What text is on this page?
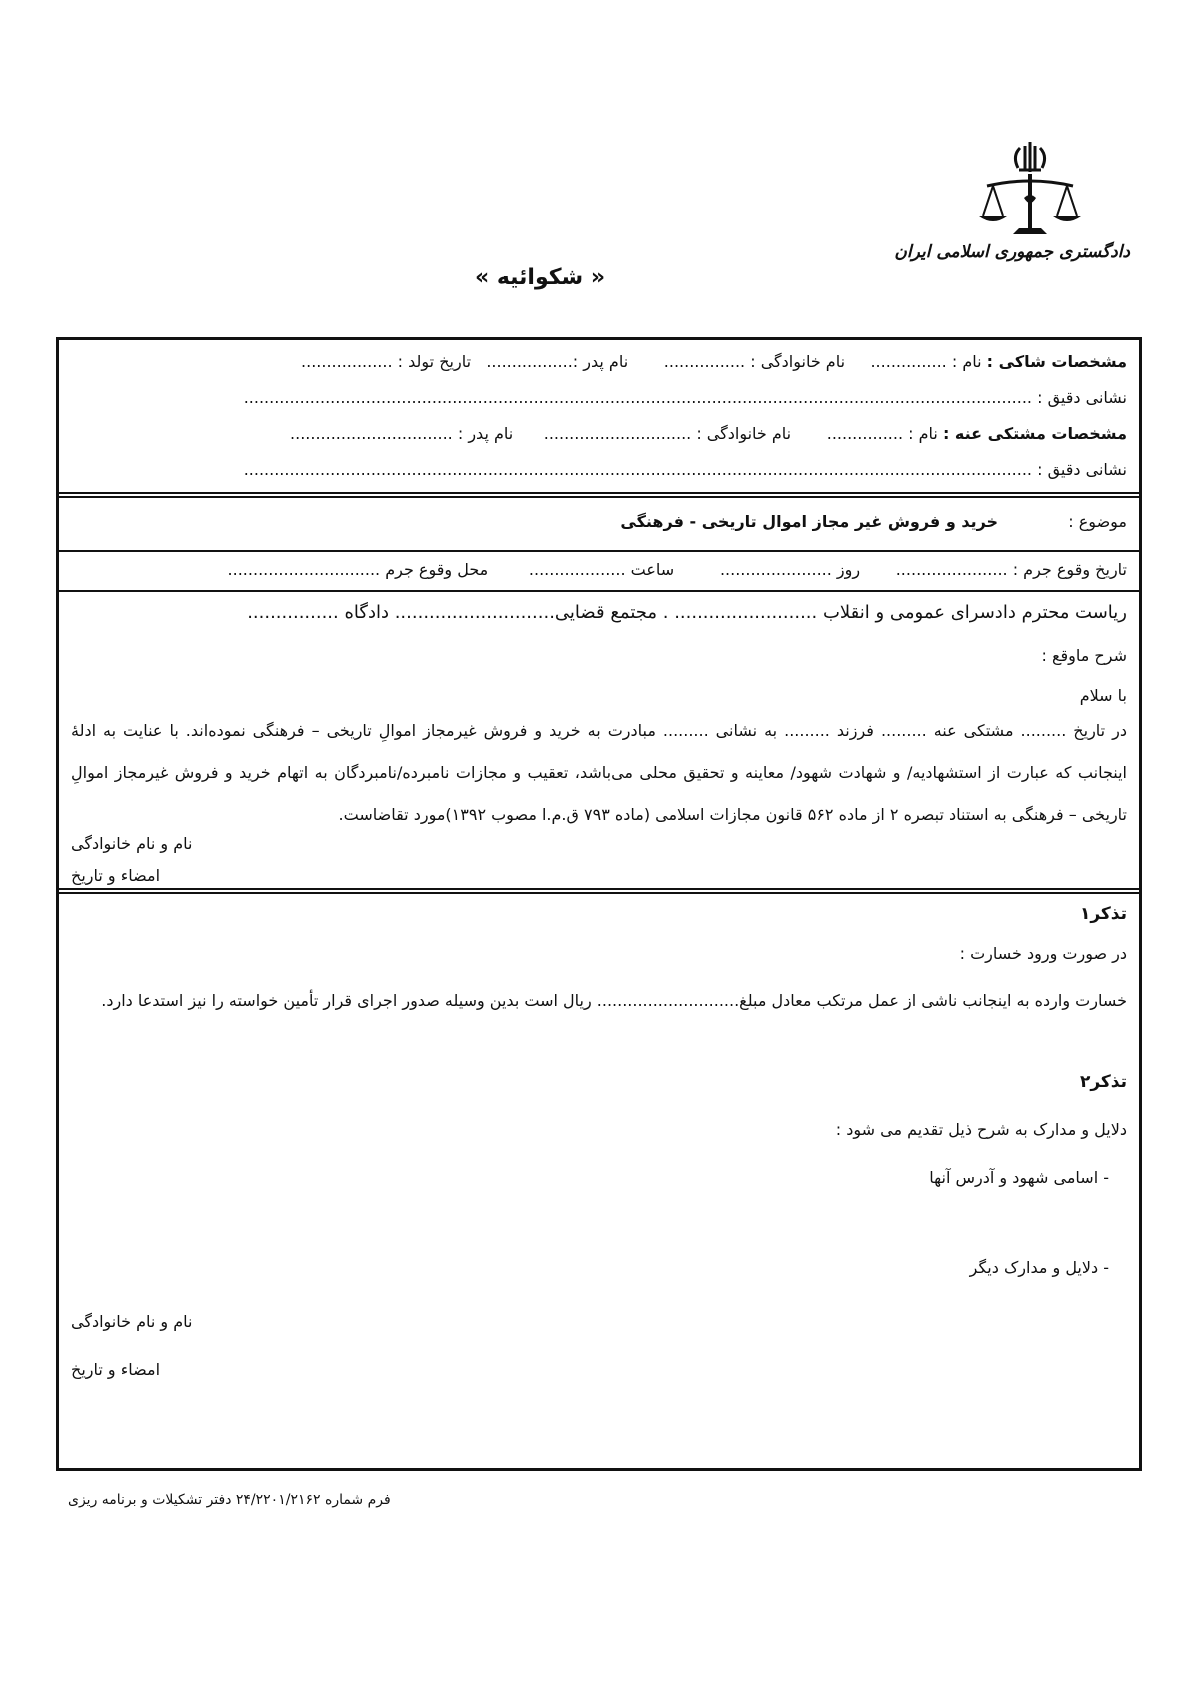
دادگستری جمهوری اسلامی ایران
« شکوائیه »
مشخصات شاکی : نام : ...............     نام خانوادگی : ................       نام پدر :.................   تاریخ تولد : ..................
نشانی دقیق : ...........................................................................................................................................................
مشخصات مشتکی عنه : نام : ...............       نام خانوادگی : .............................      نام پدر : ................................
نشانی دقیق : ...........................................................................................................................................................
موضوع :  خرید و فروش غیر مجاز اموال تاریخی - فرهنگی
تاریخ وقوع جرم : ......................       روز ......................         ساعت ...................        محل وقوع جرم ..............................
ریاست محترم دادسرای عمومی و انقلاب ......................... . مجتمع قضایی............................ دادگاه ................
شرح ماوقع :
با سلام
در تاریخ ......... مشتکی عنه ......... فرزند ......... به نشانی ......... مبادرت به خرید و فروش غیرمجاز اموالِ تاریخی – فرهنگی نموده‌اند. با عنایت به ادلهٔ اینجانب که عبارت از استشهادیه/ و شهادت شهود/ معاینه و تحقیق محلی می‌باشد، تعقیب و مجازات نامبرده/نامبردگان به اتهام خرید و فروش غیرمجاز اموالِ تاریخی – فرهنگی به استناد تبصره ۲ از ماده ۵۶۲ قانون مجازات اسلامی (ماده ۷۹۳ ق.م.ا مصوب ۱۳۹۲)مورد تقاضاست.
نام و نام خانوادگی
امضاء و تاریخ
تذکر۱
در صورت ورود خسارت :
خسارت وارده به اینجانب ناشی از عمل مرتکب معادل مبلغ............................ ریال است بدین وسیله صدور اجرای قرار تأمین خواسته را نیز استدعا دارد.
تذکر۲
دلایل و مدارک به شرح ذیل تقدیم می شود :
- اسامی شهود و آدرس آنها
- دلایل و مدارک دیگر
نام و نام خانوادگی
امضاء و تاریخ
فرم شماره ۲۴/۲۲۰۱/۲۱۶۲ دفتر تشکیلات و برنامه ریزی
